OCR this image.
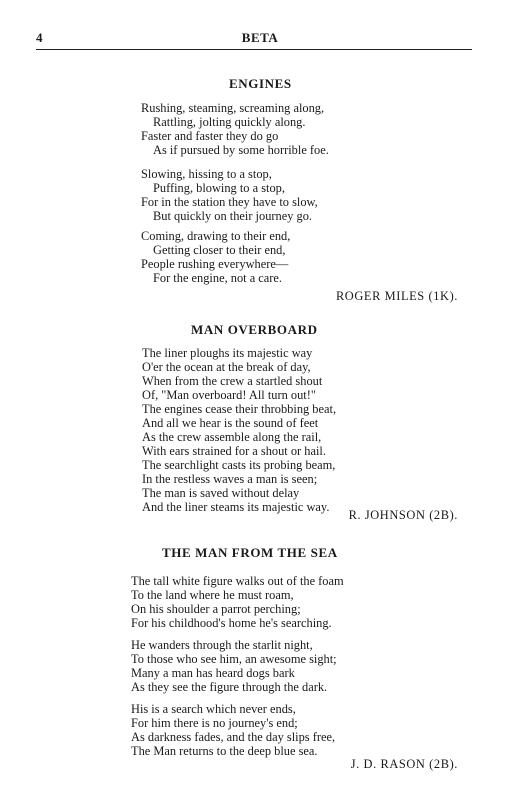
4	BETA
ENGINES
Rushing, steaming, screaming along,
Rattling, jolting quickly along.
Faster and faster they do go
As if pursued by some horrible foe.
Slowing, hissing to a stop,
Puffing, blowing to a stop,
For in the station they have to slow,
But quickly on their journey go.
Coming, drawing to their end,
Getting closer to their end,
People rushing everywhere—
For the engine, not a care.
ROGER MILES (1K).
MAN OVERBOARD
The liner ploughs its majestic way
O'er the ocean at the break of day,
When from the crew a startled shout
Of, "Man overboard! All turn out!"
The engines cease their throbbing beat,
And all we hear is the sound of feet
As the crew assemble along the rail,
With ears strained for a shout or hail.
The searchlight casts its probing beam,
In the restless waves a man is seen;
The man is saved without delay
And the liner steams its majestic way.
R. JOHNSON (2B).
THE MAN FROM THE SEA
The tall white figure walks out of the foam
To the land where he must roam,
On his shoulder a parrot perching;
For his childhood's home he's searching.
He wanders through the starlit night,
To those who see him, an awesome sight;
Many a man has heard dogs bark
As they see the figure through the dark.
His is a search which never ends,
For him there is no journey's end;
As darkness fades, and the day slips free,
The Man returns to the deep blue sea.
J. D. RASON (2B).
